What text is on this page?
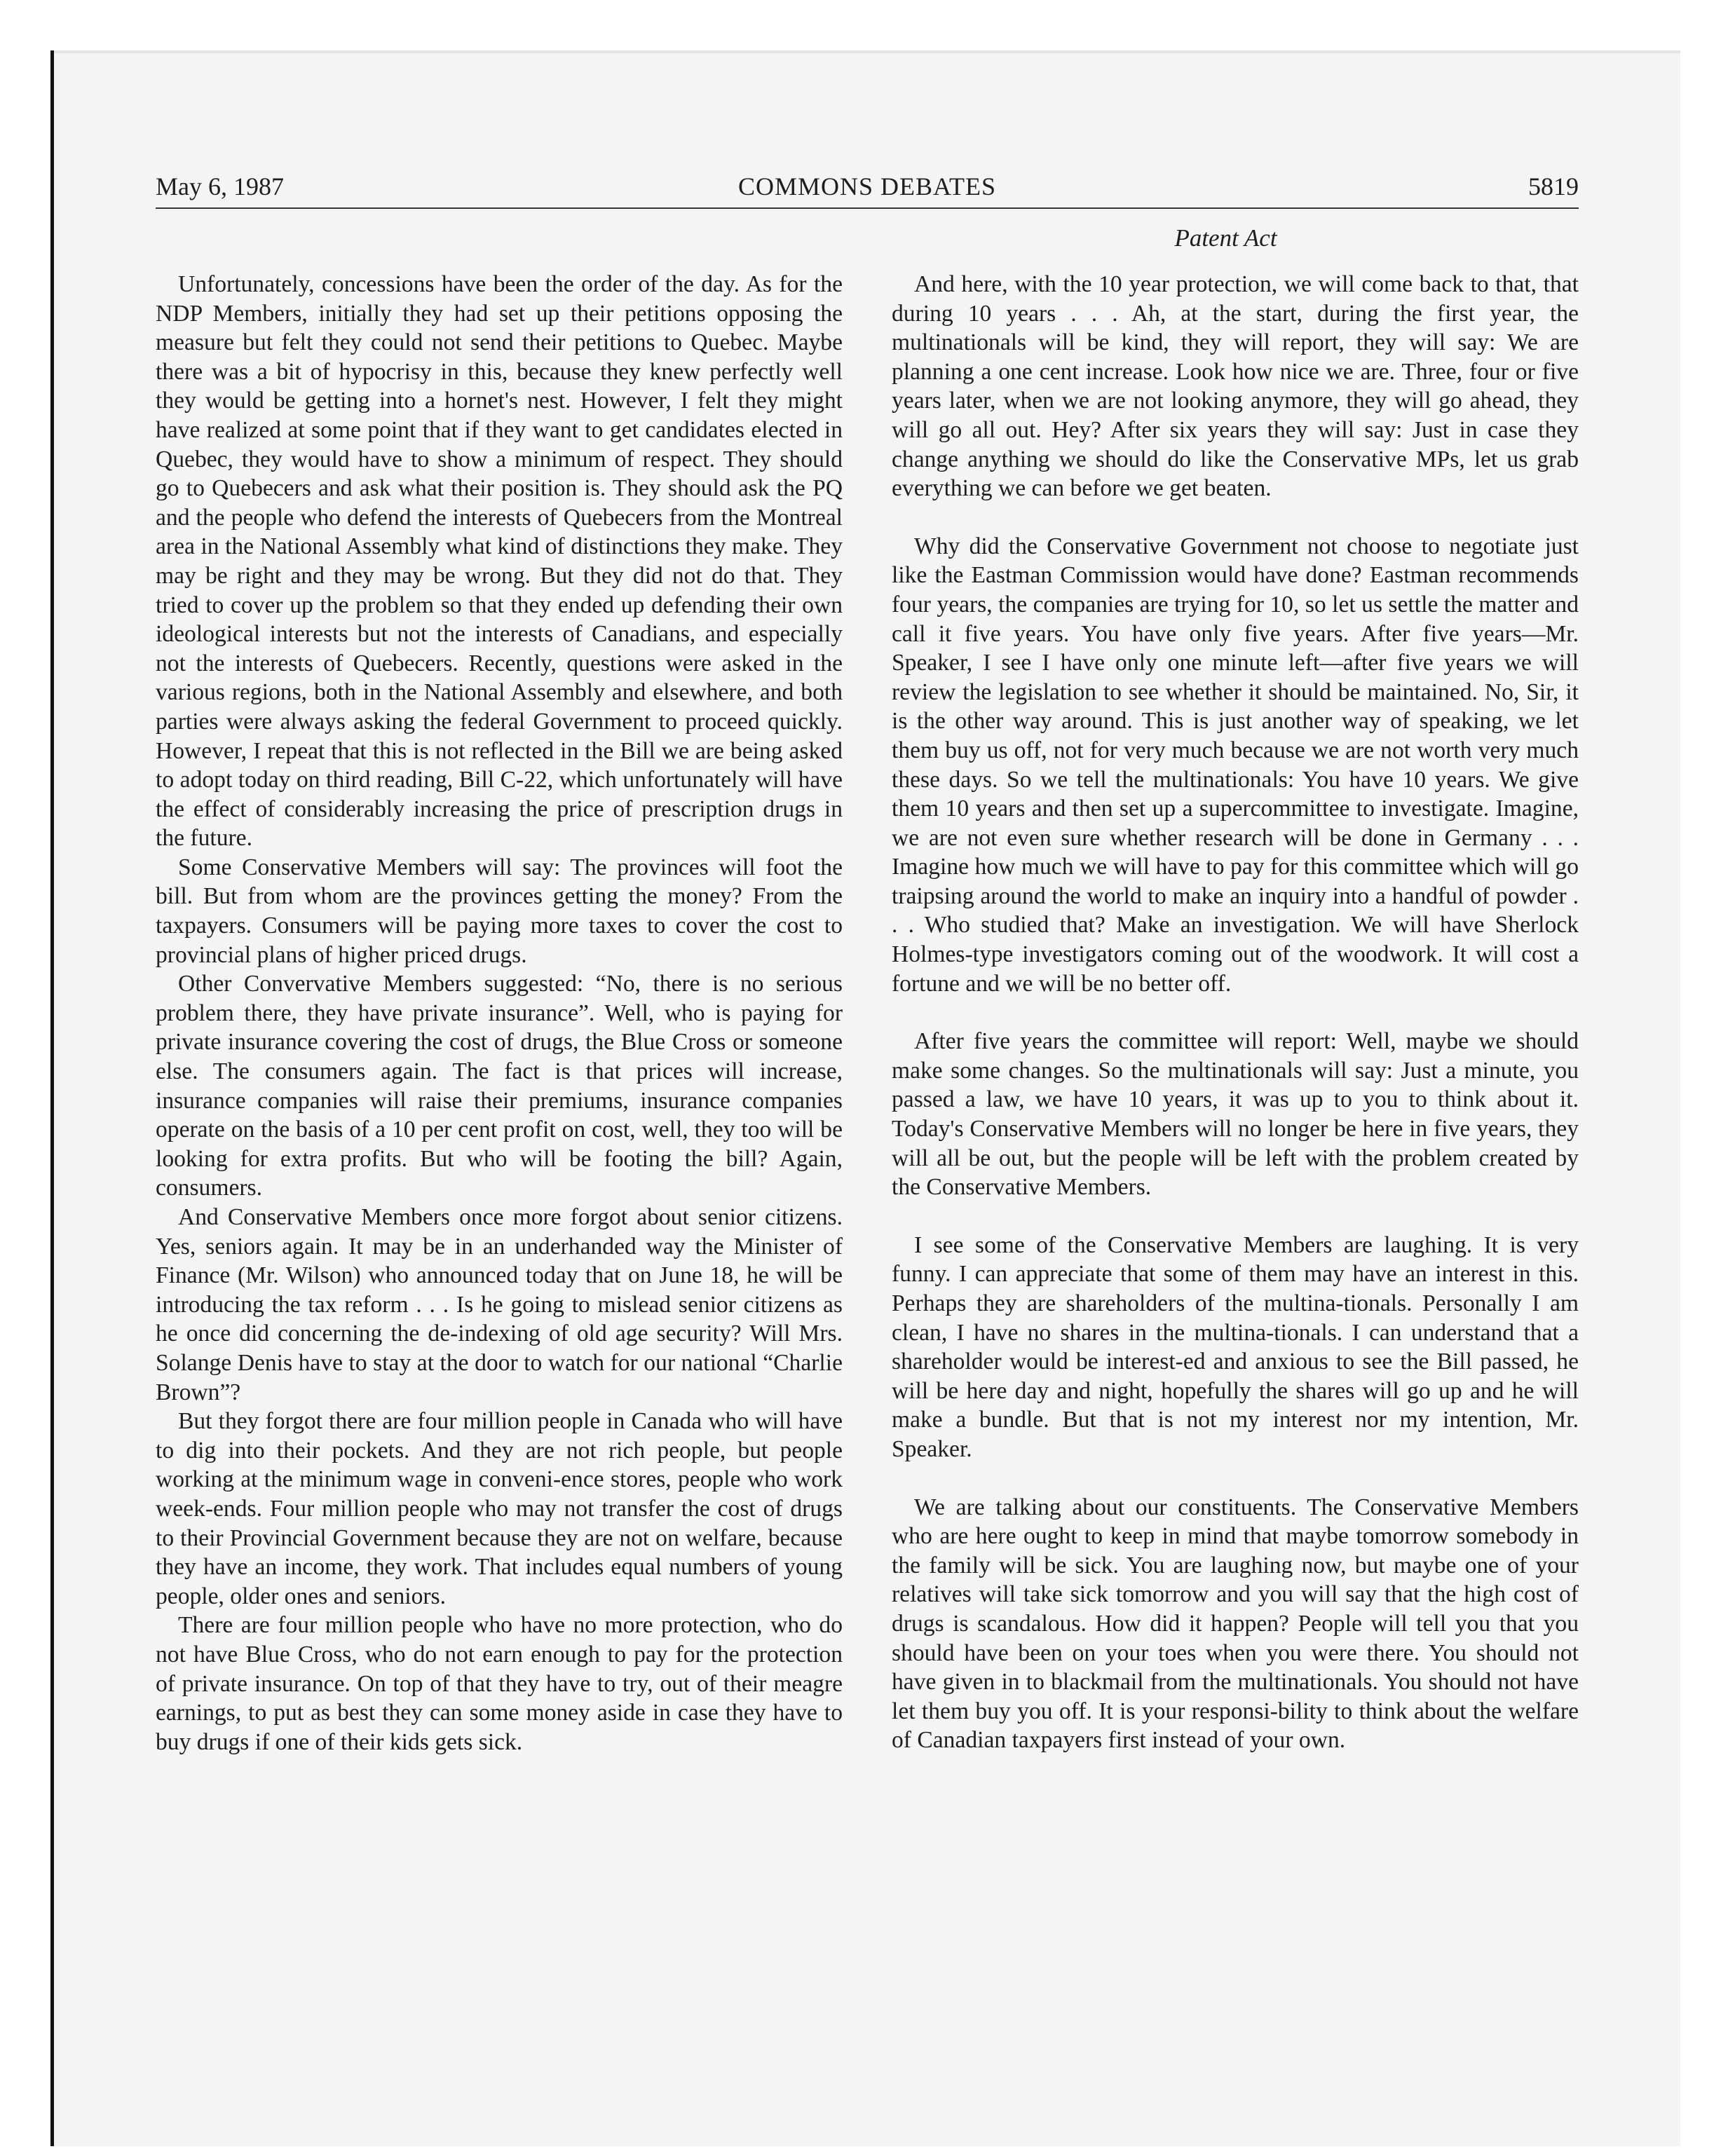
May 6, 1987	COMMONS DEBATES	5819
Patent Act

Unfortunately, concessions have been the order of the day. As for the NDP Members, initially they had set up their petitions opposing the measure but felt they could not send their petitions to Quebec. Maybe there was a bit of hypocrisy in this, because they knew perfectly well they would be getting into a hornet's nest. However, I felt they might have realized at some point that if they want to get candidates elected in Quebec, they would have to show a minimum of respect. They should go to Quebecers and ask what their position is. They should ask the PQ and the people who defend the interests of Quebecers from the Montreal area in the National Assembly what kind of distinctions they make. They may be right and they may be wrong. But they did not do that. They tried to cover up the problem so that they ended up defending their own ideological interests but not the interests of Canadians, and especially not the interests of Quebecers. Recently, questions were asked in the various regions, both in the National Assembly and elsewhere, and both parties were always asking the federal Government to proceed quickly. However, I repeat that this is not reflected in the Bill we are being asked to adopt today on third reading, Bill C-22, which unfortunately will have the effect of considerably increasing the price of prescription drugs in the future.

Some Conservative Members will say: The provinces will foot the bill. But from whom are the provinces getting the money? From the taxpayers. Consumers will be paying more taxes to cover the cost to provincial plans of higher priced drugs.

Other Convervative Members suggested: “No, there is no serious problem there, they have private insurance”. Well, who is paying for private insurance covering the cost of drugs, the Blue Cross or someone else. The consumers again. The fact is that prices will increase, insurance companies will raise their premiums, insurance companies operate on the basis of a 10 per cent profit on cost, well, they too will be looking for extra profits. But who will be footing the bill? Again, consumers.

And Conservative Members once more forgot about senior citizens. Yes, seniors again. It may be in an underhanded way the Minister of Finance (Mr. Wilson) who announced today that on June 18, he will be introducing the tax reform . . . Is he going to mislead senior citizens as he once did concerning the de-indexing of old age security? Will Mrs. Solange Denis have to stay at the door to watch for our national “Charlie Brown”?

But they forgot there are four million people in Canada who will have to dig into their pockets. And they are not rich people, but people working at the minimum wage in conveni-ence stores, people who work week-ends. Four million people who may not transfer the cost of drugs to their Provincial Government because they are not on welfare, because they have an income, they work. That includes equal numbers of young people, older ones and seniors.

There are four million people who have no more protection, who do not have Blue Cross, who do not earn enough to pay for the protection of private insurance. On top of that they have to try, out of their meagre earnings, to put as best they can some money aside in case they have to buy drugs if one of their kids gets sick.

And here, with the 10 year protection, we will come back to that, that during 10 years . . . Ah, at the start, during the first year, the multinationals will be kind, they will report, they will say: We are planning a one cent increase. Look how nice we are. Three, four or five years later, when we are not looking anymore, they will go ahead, they will go all out. Hey? After six years they will say: Just in case they change anything we should do like the Conservative MPs, let us grab everything we can before we get beaten.

Why did the Conservative Government not choose to negotiate just like the Eastman Commission would have done? Eastman recommends four years, the companies are trying for 10, so let us settle the matter and call it five years. You have only five years. After five years—Mr. Speaker, I see I have only one minute left—after five years we will review the legislation to see whether it should be maintained. No, Sir, it is the other way around. This is just another way of speaking, we let them buy us off, not for very much because we are not worth very much these days. So we tell the multinationals: You have 10 years. We give them 10 years and then set up a supercommittee to investigate. Imagine, we are not even sure whether research will be done in Germany . . . Imagine how much we will have to pay for this committee which will go traipsing around the world to make an inquiry into a handful of powder . . . Who studied that? Make an investigation. We will have Sherlock Holmes-type investigators coming out of the woodwork. It will cost a fortune and we will be no better off.

After five years the committee will report: Well, maybe we should make some changes. So the multinationals will say: Just a minute, you passed a law, we have 10 years, it was up to you to think about it. Today's Conservative Members will no longer be here in five years, they will all be out, but the people will be left with the problem created by the Conservative Members.

I see some of the Conservative Members are laughing. It is very funny. I can appreciate that some of them may have an interest in this. Perhaps they are shareholders of the multina-tionals. Personally I am clean, I have no shares in the multina-tionals. I can understand that a shareholder would be interest-ed and anxious to see the Bill passed, he will be here day and night, hopefully the shares will go up and he will make a bundle. But that is not my interest nor my intention, Mr. Speaker.

We are talking about our constituents. The Conservative Members who are here ought to keep in mind that maybe tomorrow somebody in the family will be sick. You are laughing now, but maybe one of your relatives will take sick tomorrow and you will say that the high cost of drugs is scandalous. How did it happen? People will tell you that you should have been on your toes when you were there. You should not have given in to blackmail from the multinationals. You should not have let them buy you off. It is your responsi-bility to think about the welfare of Canadian taxpayers first instead of your own.
